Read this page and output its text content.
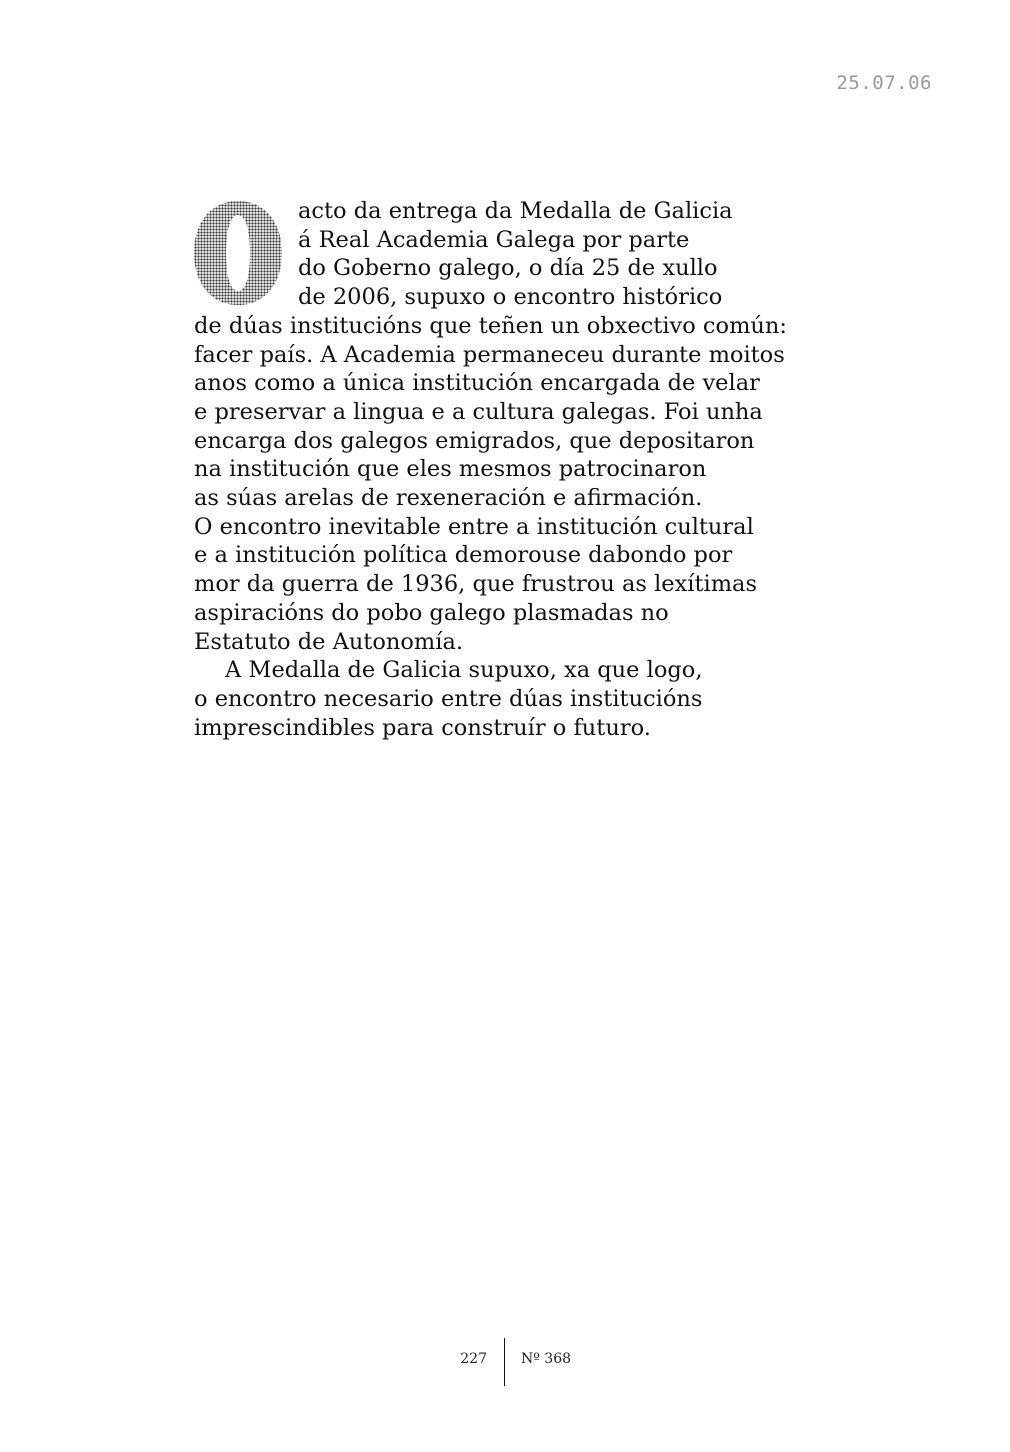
25.07.06
acto da entrega da Medalla de Galicia
á Real Academia Galega por parte
do Goberno galego, o día 25 de xullo
de 2006, supuxo o encontro histórico
de dúas institucións que teñen un obxectivo común:
facer país. A Academia permaneceu durante moitos
anos como a única institución encargada de velar
e preservar a lingua e a cultura galegas. Foi unha
encarga dos galegos emigrados, que depositaron
na institución que eles mesmos patrocinaron
as súas arelas de rexeneración e afirmación.
O encontro inevitable entre a institución cultural
e a institución política demorouse dabondo por
mor da guerra de 1936, que frustrou as lexítimas
aspiracións do pobo galego plasmadas no
Estatuto de Autonomía.
A Medalla de Galicia supuxo, xa que logo,
o encontro necesario entre dúas institucións
imprescindibles para construír o futuro.
227 Nº 368
